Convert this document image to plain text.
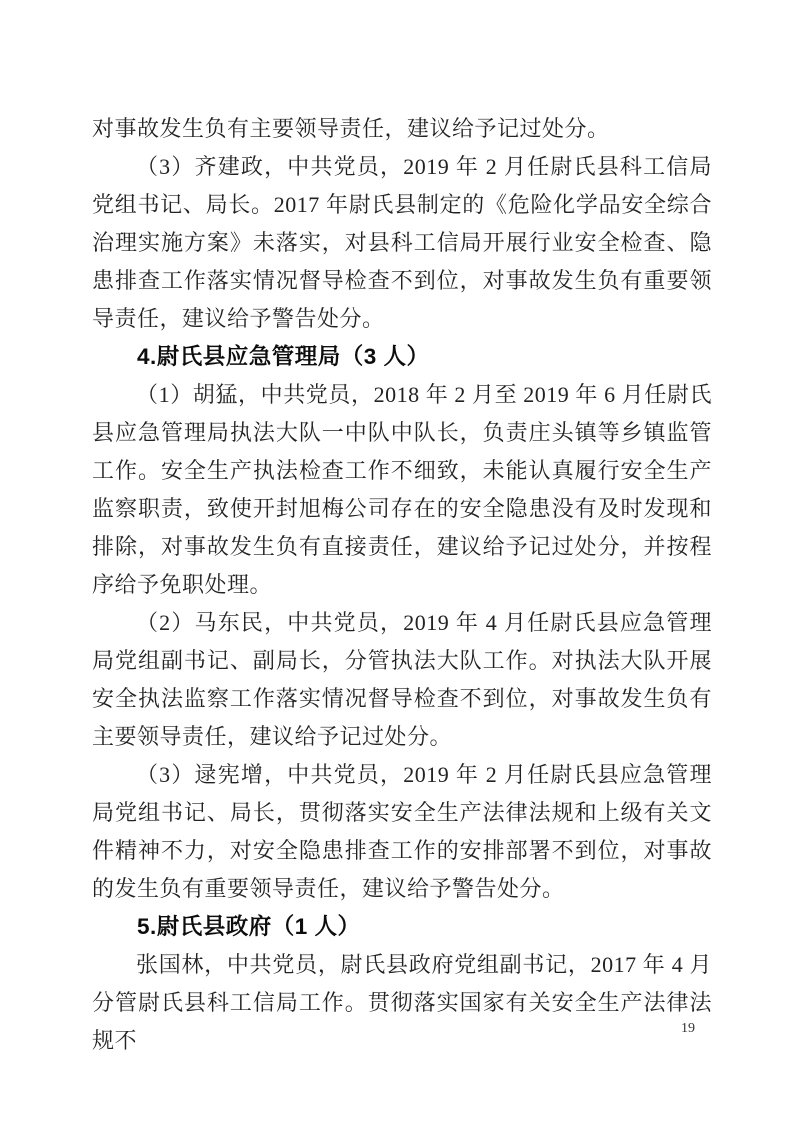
对事故发生负有主要领导责任，建议给予记过处分。

（3）齐建政，中共党员，2019 年 2 月任尉氏县科工信局党组书记、局长。2017 年尉氏县制定的《危险化学品安全综合治理实施方案》未落实，对县科工信局开展行业安全检查、隐患排查工作落实情况督导检查不到位，对事故发生负有重要领导责任，建议给予警告处分。

4.尉氏县应急管理局（3 人）

（1）胡猛，中共党员，2018 年 2 月至 2019 年 6 月任尉氏县应急管理局执法大队一中队中队长，负责庄头镇等乡镇监管工作。安全生产执法检查工作不细致，未能认真履行安全生产监察职责，致使开封旭梅公司存在的安全隐患没有及时发现和排除，对事故发生负有直接责任，建议给予记过处分，并按程序给予免职处理。

（2）马东民，中共党员，2019 年 4 月任尉氏县应急管理局党组副书记、副局长，分管执法大队工作。对执法大队开展安全执法监察工作落实情况督导检查不到位，对事故发生负有主要领导责任，建议给予记过处分。

（3）逯宪增，中共党员，2019 年 2 月任尉氏县应急管理局党组书记、局长，贯彻落实安全生产法律法规和上级有关文件精神不力，对安全隐患排查工作的安排部署不到位，对事故的发生负有重要领导责任，建议给予警告处分。

5.尉氏县政府（1 人）

张国林，中共党员，尉氏县政府党组副书记，2017 年 4 月分管尉氏县科工信局工作。贯彻落实国家有关安全生产法律法规不	19
